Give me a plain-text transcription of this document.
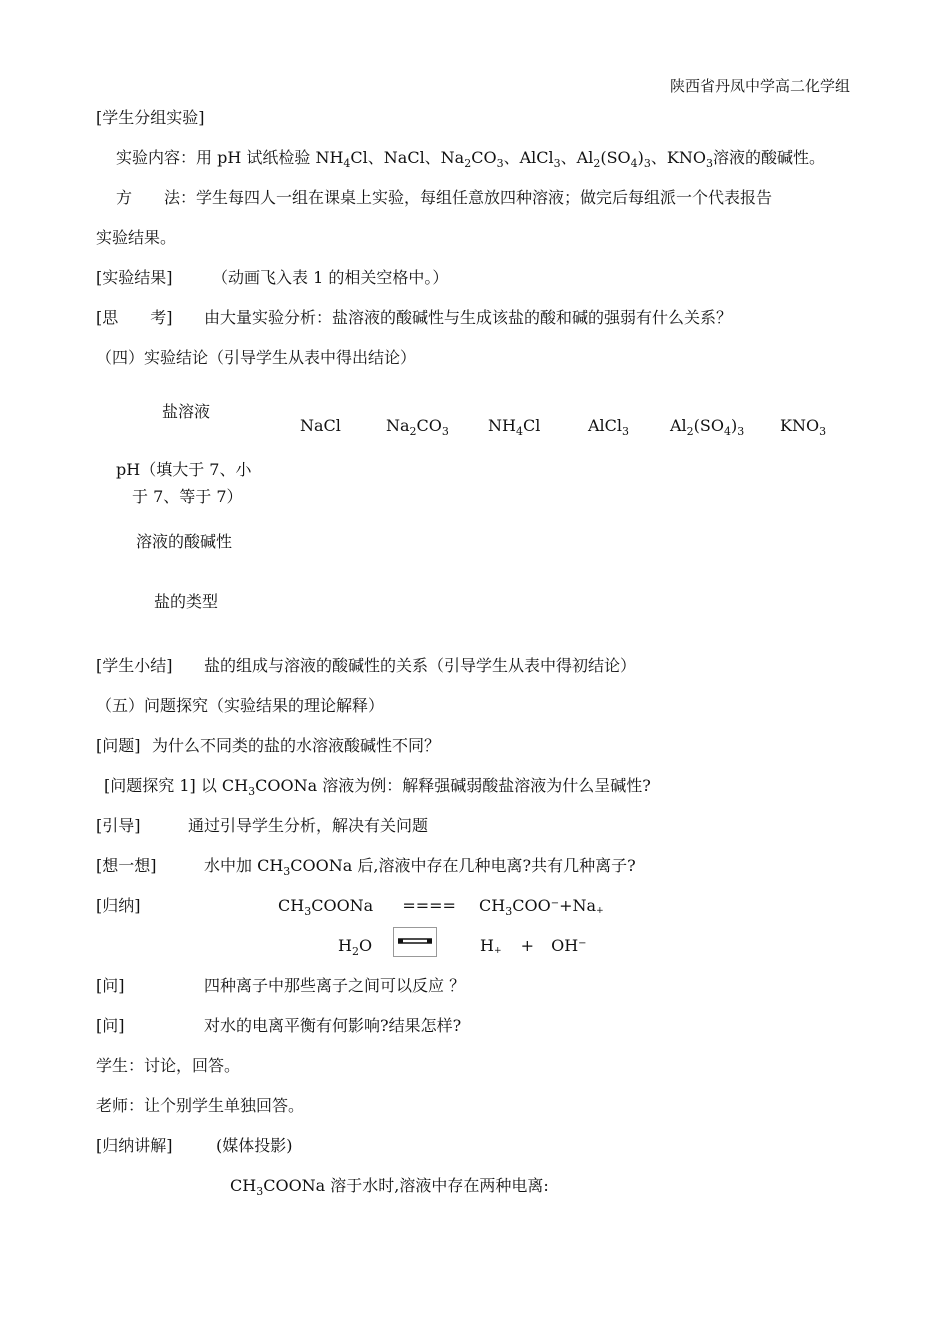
陕西省丹凤中学高二化学组
[学生分组实验]
实验内容：用 pH 试纸检验 $NH_4Cl$、NaCl、$Na_2CO_3$、AlCl$_3$、$Al_2(SO_4)_3$、$KNO_3$溶液的酸碱性。
方　　法：学生每四人一组在课桌上实验，每组任意放四种溶液；做完后每组派一个代表报告
实验结果。
[实验结果] （动画飞入表 1 的相关空格中。）
[思　　考] 由大量实验分析：盐溶液的酸碱性与生成该盐的酸和碱的强弱有什么关系？
（四）实验结论（引导学生从表中得出结论）
盐溶液
NaCl	$Na_2CO_3$ $NH_4Cl$	AlCl$_3$	$Al_2(SO_4)_3$ $KNO_3$
pH（填大于 7、小
于 7、等于 7）
溶液的酸碱性
盐的类型
[学生小结] 盐的组成与溶液的酸碱性的关系（引导学生从表中得初结论）
（五）问题探究（实验结果的理论解释）
[问题] 为什么不同类的盐的水溶液酸碱性不同？
[问题探究 1] 以 $CH_3COONa$ 溶液为例：解释强碱弱酸盐溶液为什么呈碱性?
[引导]	通过引导学生分析，解决有关问题
[想一想]	水中加 $CH_3COONa$ 后,溶液中存在几种电离?共有几种离子?
[归纳]	$CH_3COONa$ ==== $CH_3COO^-+Na^+$
$H_2O$	H+ + OH−
[问]	四种离子中那些离子之间可以反应 ？
[问]	对水的电离平衡有何影响?结果怎样?
学生：讨论，回答。
老师：让个别学生单独回答。
[归纳讲解]	(媒体投影)
$CH_3COONa$ 溶于水时,溶液中存在两种电离:
